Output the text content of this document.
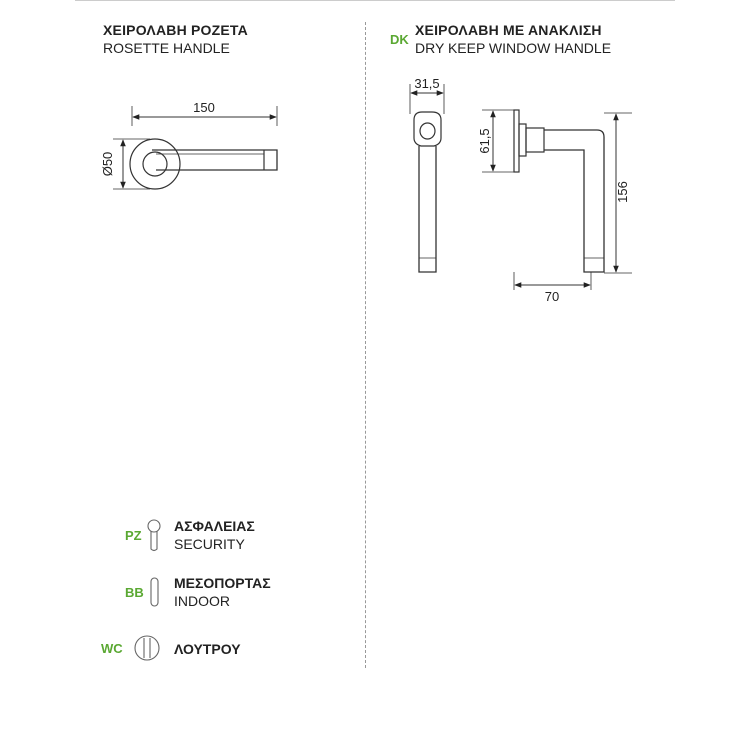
ΧΕΙΡΟΛΑΒΗ ΡΟΖΕΤΑ
ROSETTE HANDLE
DK
ΧΕΙΡΟΛΑΒΗ ΜΕ ΑΝΑΚΛΙΣΗ
DRY KEEP WINDOW HANDLE
150
Ø50
31,5
61,5
156
70
PZ
ΑΣΦΑΛΕΙΑΣ
SECURITY
BB
ΜΕΣΟΠΟΡΤΑΣ
INDOOR
WC	ΛΟΥΤΡΟΥ
